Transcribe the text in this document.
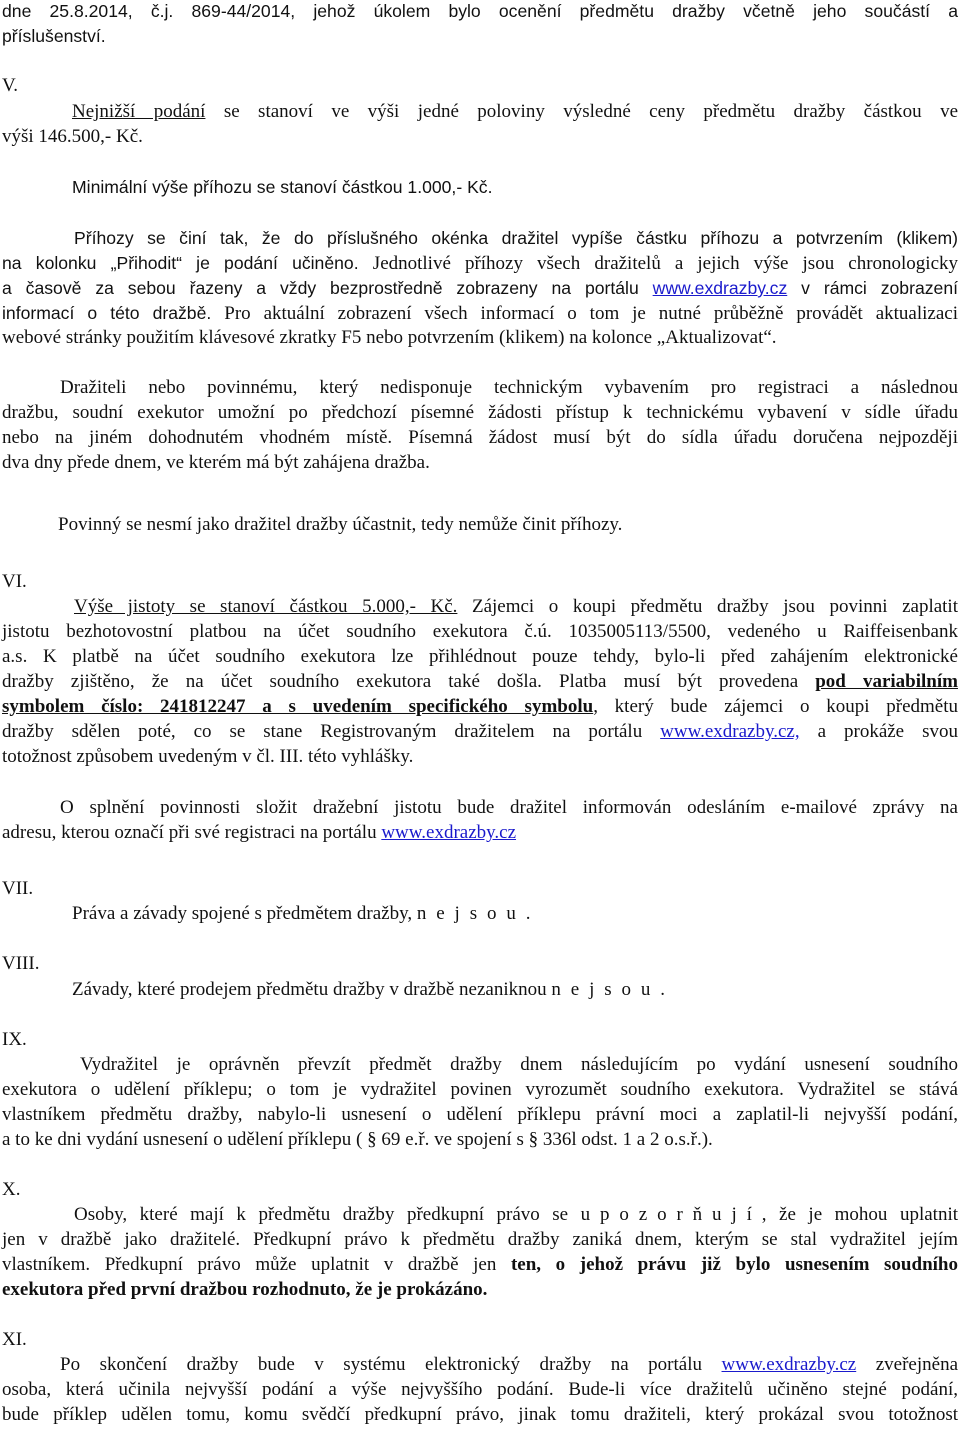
dne 25.8.2014, č.j. 869-44/2014, jehož úkolem bylo ocenění předmětu dražby včetně jeho součástí a
příslušenství.
V.
Nejnižší podání se stanoví ve výši jedné poloviny výsledné ceny předmětu dražby částkou ve
výši 146.500,- Kč.
Minimální výše příhozu se stanoví částkou 1.000,- Kč.
Příhozy se činí tak, že do příslušného okénka dražitel vypíše částku příhozu a potvrzením (klikem)
na kolonku „Přihodit“ je podání učiněno. Jednotlivé příhozy všech dražitelů a jejich výše jsou chronologicky
a časově za sebou řazeny a vždy bezprostředně zobrazeny na portálu www.exdrazby.cz v rámci zobrazení
informací o této dražbě. Pro aktuální zobrazení všech informací o tom je nutné průběžně provádět aktualizaci
webové stránky použitím klávesové zkratky F5 nebo potvrzením (klikem) na kolonce „Aktualizovat“.
Dražiteli nebo povinnému, který nedisponuje technickým vybavením pro registraci a následnou
dražbu, soudní exekutor umožní po předchozí písemné žádosti přístup k technickému vybavení v sídle úřadu
nebo na jiném dohodnutém vhodném místě. Písemná žádost musí být do sídla úřadu doručena nejpozději
dva dny přede dnem, ve kterém má být zahájena dražba.
Povinný se nesmí jako dražitel dražby účastnit, tedy nemůže činit příhozy.
VI.
Výše jistoty se stanoví částkou 5.000,- Kč. Zájemci o koupi předmětu dražby jsou povinni zaplatit
jistotu bezhotovostní platbou na účet soudního exekutora č.ú. 1035005113/5500, vedeného u Raiffeisenbank
a.s. K platbě na účet soudního exekutora lze přihlédnout pouze tehdy, bylo-li před zahájením elektronické
dražby zjištěno, že na účet soudního exekutora také došla. Platba musí být provedena pod variabilním
symbolem číslo: 241812247 a s uvedením specifického symbolu, který bude zájemci o koupi předmětu
dražby sdělen poté, co se stane Registrovaným dražitelem na portálu www.exdrazby.cz, a prokáže svou
totožnost způsobem uvedeným v čl. III. této vyhlášky.
O splnění povinnosti složit dražební jistotu bude dražitel informován odesláním e-mailové zprávy na
adresu, kterou označí při své registraci na portálu www.exdrazby.cz
VII.
Práva a závady spojené s předmětem dražby, nejsou.
VIII.
Závady, které prodejem předmětu dražby v dražbě nezaniknou nejsou.
IX.
Vydražitel je oprávněn převzít předmět dražby dnem následujícím po vydání usnesení soudního
exekutora o udělení příklepu; o tom je vydražitel povinen vyrozumět soudního exekutora. Vydražitel se stává
vlastníkem předmětu dražby, nabylo-li usnesení o udělení příklepu právní moci a zaplatil-li nejvyšší podání,
a to ke dni vydání usnesení o udělení příklepu ( § 69 e.ř. ve spojení s § 336l odst. 1 a 2 o.s.ř.).
X.
Osoby, které mají k předmětu dražby předkupní právo se upozorňují, že je mohou uplatnit
jen v dražbě jako dražitelé. Předkupní právo k předmětu dražby zaniká dnem, kterým se stal vydražitel jejím
vlastníkem. Předkupní právo může uplatnit v dražbě jen ten, o jehož právu již bylo usnesením soudního
exekutora před první dražbou rozhodnuto, že je prokázáno.
XI.
Po skončení dražby bude v systému elektronický dražby na portálu www.exdrazby.cz zveřejněna
osoba, která učinila nejvyšší podání a výše nejvyššího podání. Bude-li více dražitelů učiněno stejné podání,
bude příklep udělen tomu, komu svědčí předkupní právo, jinak tomu dražiteli, který prokázal svou totožnost
